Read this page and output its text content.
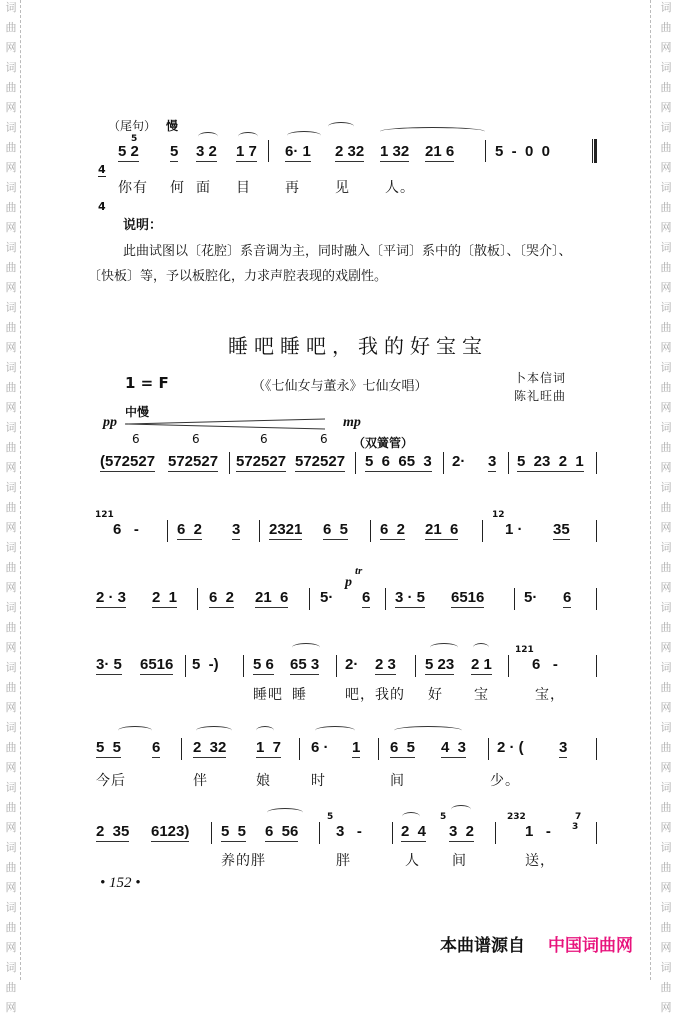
词
曲
网
词
曲
网
词
曲
网
词
曲
网
词
曲
网
词
曲
网
词
曲
网
词
曲
网
词
曲
网
词
曲
网
词
曲
网
词
曲
网
词
曲
网
词
曲
网
词
曲
网
词
曲
网
词
曲
网
词
曲
网
词
曲
网
词
曲
网
词
曲
网
词
曲
网
词
曲
网
词
曲
网
词
曲
网
词
曲
网
词
曲
网
词
曲
网
词
曲
网
词
曲
网
词
曲
网
词
曲
网
词
曲
网
词
曲
网
（尾句） 慢

4

4

5
5 2 5 3 2 1 7 6· 1 2 32 1 32 21 6	5  -  0  0
你有 何 面 目 再	见	人。
说明：
此曲试图以〔花腔〕系音调为主，同时融入〔平词〕系中的〔散板〕、〔哭介〕、
〔快板〕等，予以板腔化，力求声腔表现的戏剧性。
睡吧睡吧，我的好宝宝
1 = F	（《七仙女与董永》七仙女唱）
卜本信词
陈礼旺曲
中慢
pp	mp
（双簧管）
6	6	6	6
(572527 572527 572527 572527 5  6  65  3 2· 3 5  23  2  1
121
6   -	6  2 3 2321 6  5 6  2 21  6
12
1 · 35
2 · 3 2  1 6  2 21  6 5·
p
tr
6 3 · 5 6516	5· 6
3· 5 6516 5  -) 5 6 65 3 2· 2 3 5 23 2 1
121
6   -
睡吧 睡	吧，我的 好 宝	宝，
5  5 6 2  32 1  7 6 · 1 6  5 4  3 2 · ( 3
今后	伴	娘	时	间	少。
2  35 6123) 5  5 6  56
5
3   -	2  4
5
3  2
232
1   -
7
3
养的胖	胖	人 间	送，
• 152 •
本曲谱源自 中国词曲网
